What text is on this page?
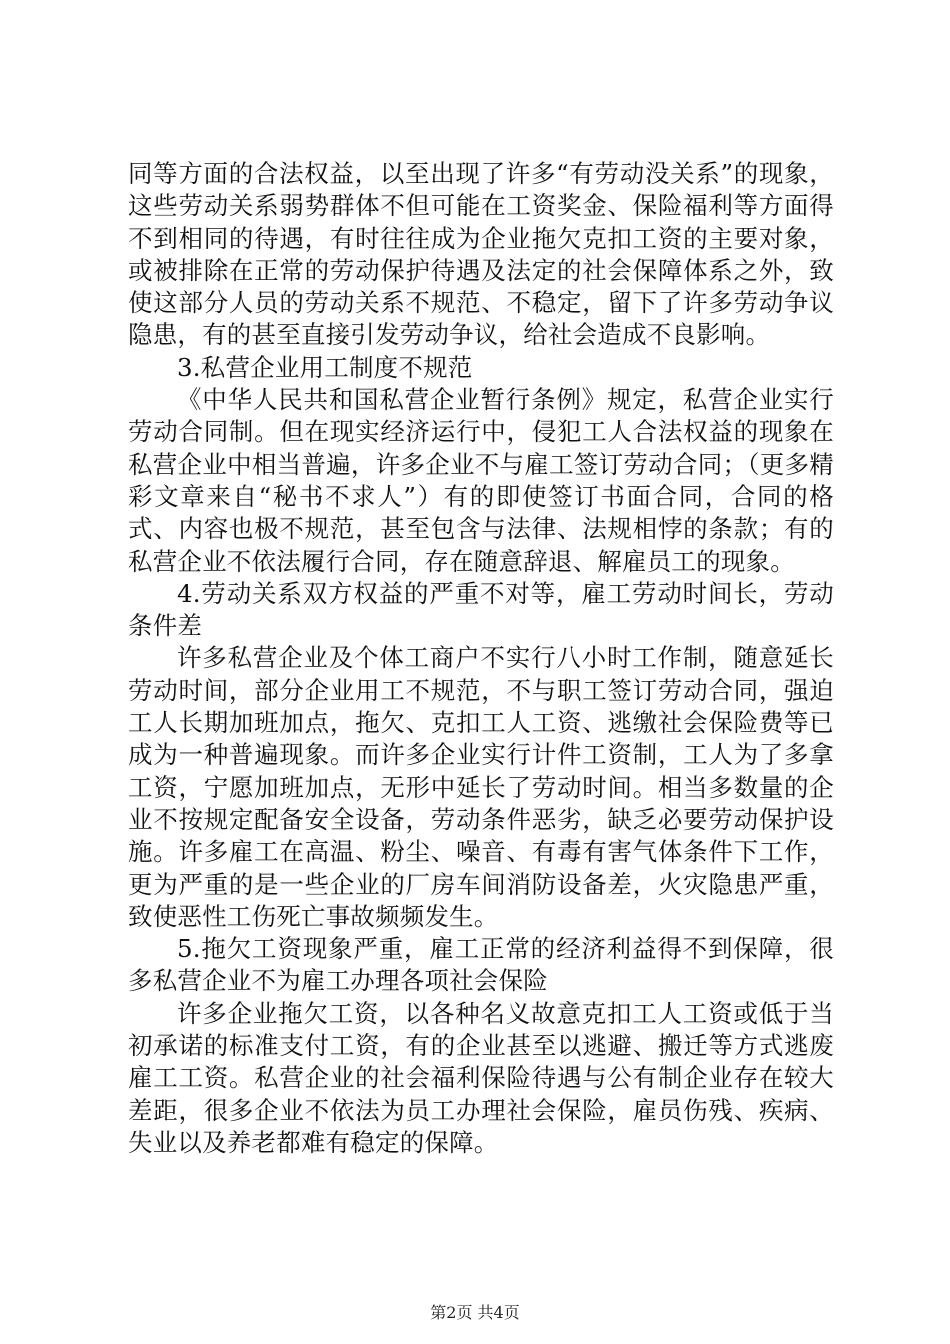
同等方面的合法权益，以至出现了许多“有劳动没关系”的现象，这些劳动关系弱势群体不但可能在工资奖金、保险福利等方面得不到相同的待遇，有时往往成为企业拖欠克扣工资的主要对象，或被排除在正常的劳动保护待遇及法定的社会保障体系之外，致使这部分人员的劳动关系不规范、不稳定，留下了许多劳动争议隐患，有的甚至直接引发劳动争议，给社会造成不良影响。

3.私营企业用工制度不规范

《中华人民共和国私营企业暂行条例》规定，私营企业实行劳动合同制。但在现实经济运行中，侵犯工人合法权益的现象在私营企业中相当普遍，许多企业不与雇工签订劳动合同；（更多精彩文章来自“秘书不求人”）有的即使签订书面合同，合同的格式、内容也极不规范，甚至包含与法律、法规相悖的条款；有的私营企业不依法履行合同，存在随意辞退、解雇员工的现象。

4.劳动关系双方权益的严重不对等，雇工劳动时间长，劳动条件差

许多私营企业及个体工商户不实行八小时工作制，随意延长劳动时间，部分企业用工不规范，不与职工签订劳动合同，强迫工人长期加班加点，拖欠、克扣工人工资、逃缴社会保险费等已成为一种普遍现象。而许多企业实行计件工资制，工人为了多拿工资，宁愿加班加点，无形中延长了劳动时间。相当多数量的企业不按规定配备安全设备，劳动条件恶劣，缺乏必要劳动保护设施。许多雇工在高温、粉尘、噪音、有毒有害气体条件下工作，更为严重的是一些企业的厂房车间消防设备差，火灾隐患严重，致使恶性工伤死亡事故频频发生。

5.拖欠工资现象严重，雇工正常的经济利益得不到保障，很多私营企业不为雇工办理各项社会保险

许多企业拖欠工资，以各种名义故意克扣工人工资或低于当初承诺的标准支付工资，有的企业甚至以逃避、搬迁等方式逃废雇工工资。私营企业的社会福利保险待遇与公有制企业存在较大差距，很多企业不依法为员工办理社会保险，雇员伤残、疾病、失业以及养老都难有稳定的保障。

第2页 共4页
